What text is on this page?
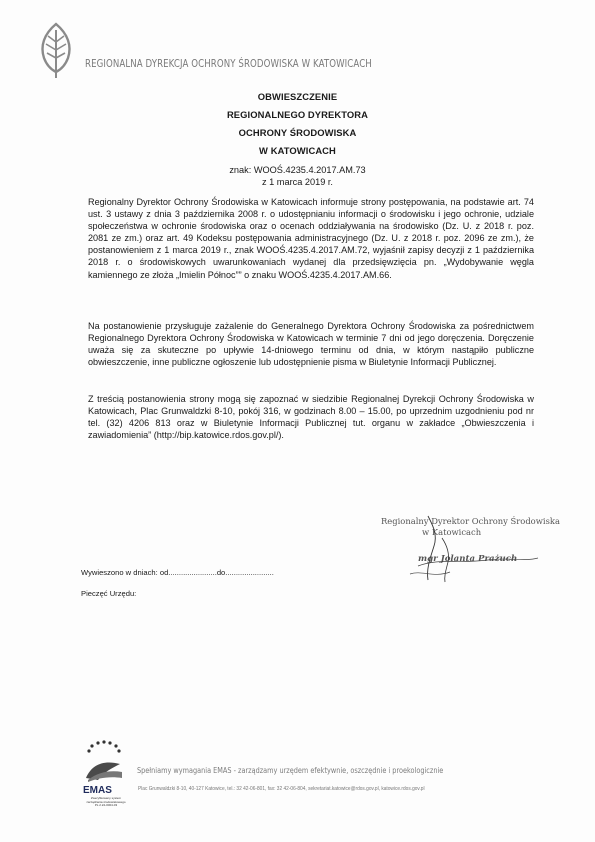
REGIONALNA DYREKCJA OCHRONY ŚRODOWISKA W KATOWICACH
OBWIESZCZENIE
REGIONALNEGO DYREKTORA
OCHRONY ŚRODOWISKA
W KATOWICACH
znak: WOOŚ.4235.4.2017.AM.73
z 1 marca 2019 r.
Regionalny Dyrektor Ochrony Środowiska w Katowicach informuje strony postępowania, na podstawie art. 74 ust. 3 ustawy z dnia 3 października 2008 r. o udostępnianiu informacji o środowisku i jego ochronie, udziale społeczeństwa w ochronie środowiska oraz o ocenach oddziaływania na środowisko (Dz. U. z 2018 r. poz. 2081 ze zm.) oraz art. 49 Kodeksu postępowania administracyjnego (Dz. U. z 2018 r. poz. 2096 ze zm.), że postanowieniem z 1 marca 2019 r., znak WOOŚ.4235.4.2017.AM.72, wyjaśnił zapisy decyzji z 1 października 2018 r. o środowiskowych uwarunkowaniach wydanej dla przedsięwzięcia pn. „Wydobywanie węgla kamiennego ze złoża „Imielin Północ”” o znaku WOOŚ.4235.4.2017.AM.66.
Na postanowienie przysługuje zażalenie do Generalnego Dyrektora Ochrony Środowiska za pośrednictwem Regionalnego Dyrektora Ochrony Środowiska w Katowicach w terminie 7 dni od jego doręczenia. Doręczenie uważa się za skuteczne po upływie 14-dniowego terminu od dnia, w którym nastąpiło publiczne obwieszczenie, inne publiczne ogłoszenie lub udostępnienie pisma w Biuletynie Informacji Publicznej.
Z treścią postanowienia strony mogą się zapoznać w siedzibie Regionalnej Dyrekcji Ochrony Środowiska w Katowicach, Plac Grunwaldzki 8-10, pokój 316, w godzinach 8.00 – 15.00, po uprzednim uzgodnieniu pod nr tel. (32) 4206 813 oraz w Biuletynie Informacji Publicznej tut. organu w zakładce „Obwieszczenia i zawiadomienia” (http://bip.katowice.rdos.gov.pl/).
Regionalny Dyrektor Ochrony Środowiska
w Katowicach
mgr Jolanta Prażuch
Wywieszono w dniach: od.......................do.......................
Pieczęć Urzędu:
EMAS
Zweryfikowany system zarządzania środowiskowego PL 2.24-0004-03
Spełniamy wymagania EMAS - zarządzamy urzędem efektywnie, oszczędnie i proekologicznie
Plac Grunwaldzki 8-10, 40-127 Katowice, tel.: 32 42-06-801, fax: 32 42-06-804, sekretariat.katowice@rdos.gov.pl, katowice.rdos.gov.pl
